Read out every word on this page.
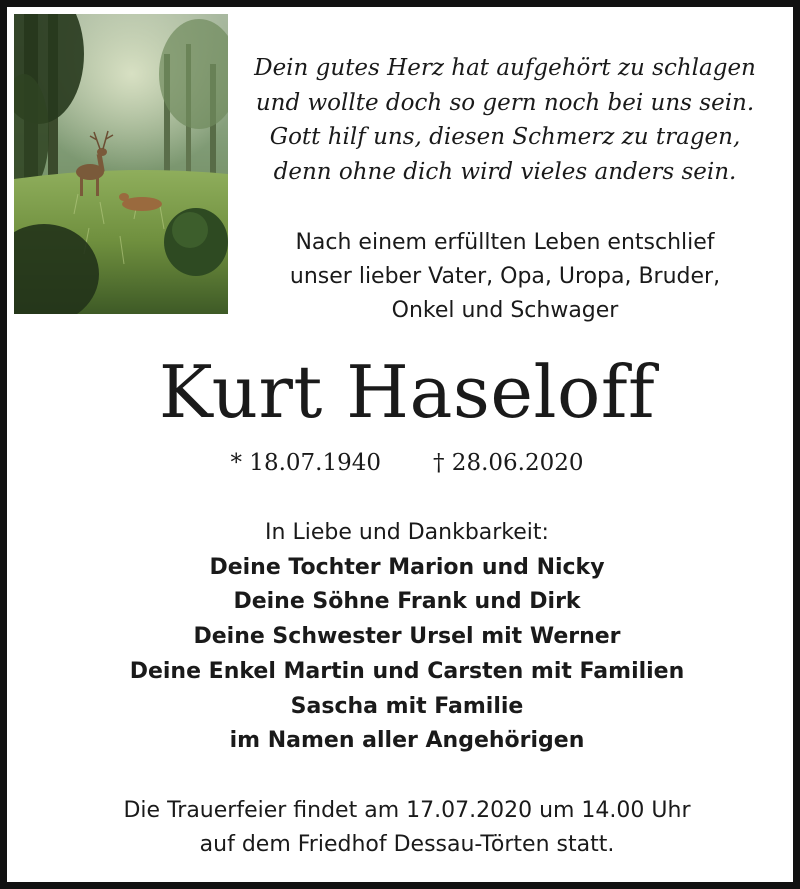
Dein gutes Herz hat aufgehört zu schlagen
und wollte doch so gern noch bei uns sein.
Gott hilf uns, diesen Schmerz zu tragen,
denn ohne dich wird vieles anders sein.
Nach einem erfüllten Leben entschlief
unser lieber Vater, Opa, Uropa, Bruder,
Onkel und Schwager
Kurt Haseloff
* 18.07.1940 † 28.06.2020
In Liebe und Dankbarkeit:
Deine Tochter Marion und Nicky
Deine Söhne Frank und Dirk
Deine Schwester Ursel mit Werner
Deine Enkel Martin und Carsten mit Familien
Sascha mit Familie
im Namen aller Angehörigen
Die Trauerfeier findet am 17.07.2020 um 14.00 Uhr
auf dem Friedhof Dessau-Törten statt.
